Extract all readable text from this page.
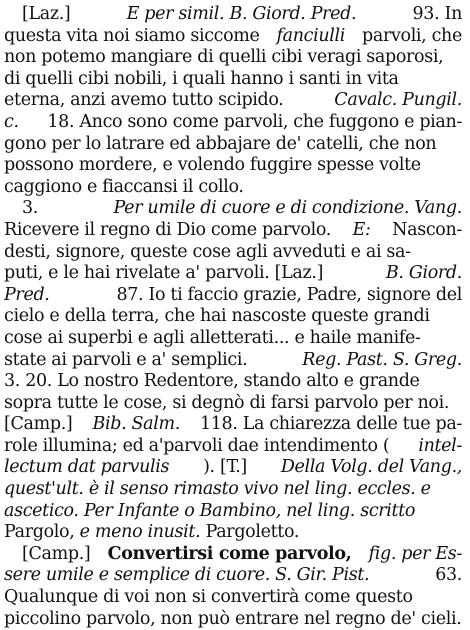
[Laz.]	E per simil. B. Giord. Pred.	93. In
questa vita noi siamo siccome fanciulli parvoli, che
non potemo mangiare di quelli cibi veragi saporosi,
di quelli cibi nobili, i quali hanno i santi in vita
eterna, anzi avemo tutto scipido.	Cavalc. Pungil.
c. 18. Anco sono come parvoli, che fuggono e pian-
gono per lo latrare ed abbajare de' catelli, che non
possono mordere, e volendo fuggire spesse volte
caggiono e fiaccansi il collo.
3.	Per umile di cuore e di condizione. Vang.
Ricevere il regno di Dio come parvolo. E: Nascon-
desti, signore, queste cose agli avveduti e ai sa-
puti, e le hai rivelate a' parvoli. [Laz.]	B. Giord.
Pred.	87. Io ti faccio grazie, Padre, signore del
cielo e della terra, che hai nascoste queste grandi
cose ai superbi e agli alletterati... e haile manife-
state ai parvoli e a' semplici.	Reg. Past. S. Greg.
3. 20. Lo nostro Redentore, stando alto e grande
sopra tutte le cose, si degnò di farsi parvolo per noi.
[Camp.] Bib. Salm. 118. La chiarezza delle tue pa-
role illumina; ed a'parvoli dae intendimento ( intel-
lectum dat parvulis ). [T.] Della Volg. del Vang.,
quest'ult. è il senso rimasto vivo nel ling. eccles. e
ascetico. Per Infante o Bambino, nel ling. scritto
Pargolo, e meno inusit. Pargoletto.
[Camp.] Convertirsi come parvolo, fig. per Es-
sere umile e semplice di cuore. S. Gir. Pist.	63.
Qualunque di voi non si convertirà come questo
piccolino parvolo, non può entrare nel regno de' cieli.
